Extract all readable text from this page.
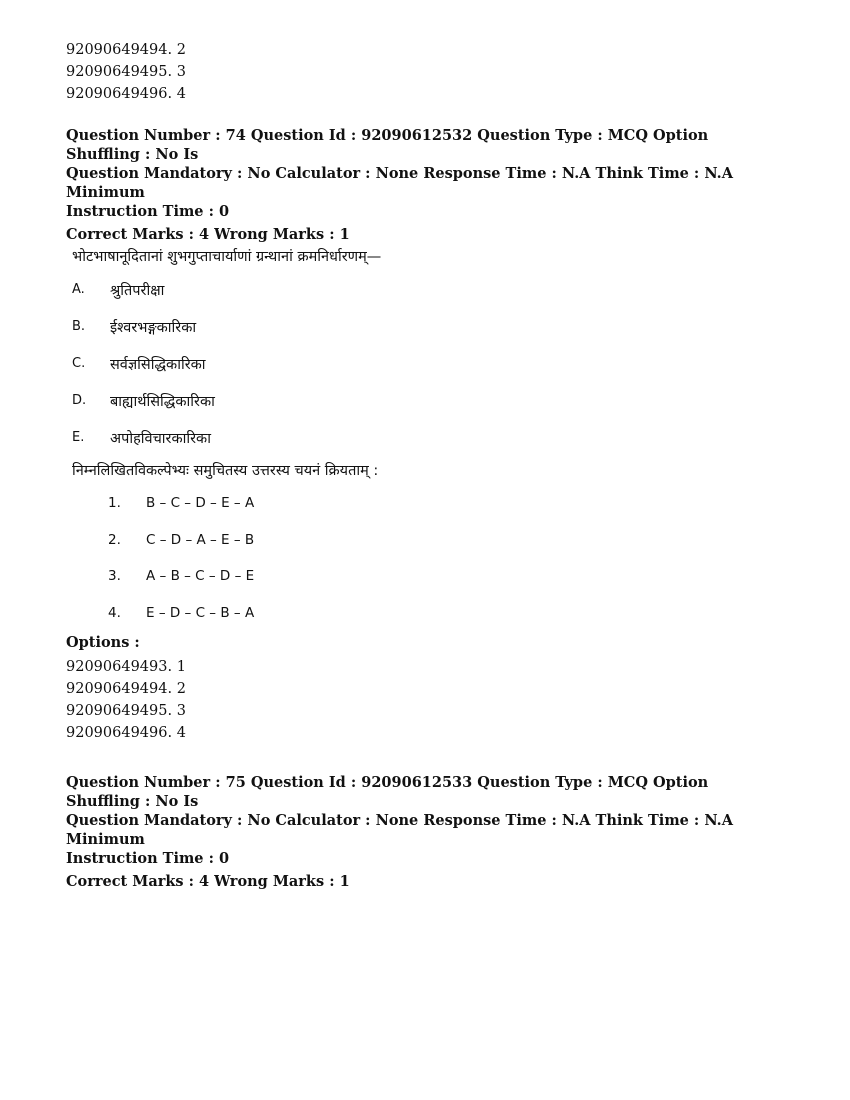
92090649494. 2
92090649495. 3
92090649496. 4
Question Number : 74 Question Id : 92090612532 Question Type : MCQ Option Shuffling : No Is
Question Mandatory : No Calculator : None Response Time : N.A Think Time : N.A Minimum
Instruction Time : 0
Correct Marks : 4 Wrong Marks : 1
भोटभाषानूदितानां शुभगुप्ताचार्याणां ग्रन्थानां क्रमनिर्धारणम्—
A.	श्रुतिपरीक्षा
B.	ईश्वरभङ्गकारिका
C.	सर्वज्ञसिद्धिकारिका
D.	बाह्यार्थसिद्धिकारिका
E.	अपोहविचारकारिका
निम्नलिखितविकल्पेभ्यः समुचितस्य उत्तरस्य चयनं क्रियताम् :
1.	B – C – D – E – A
2.	C – D – A – E – B
3.	A – B – C – D – E
4.	E – D – C – B – A
Options :
92090649493. 1
92090649494. 2
92090649495. 3
92090649496. 4
Question Number : 75 Question Id : 92090612533 Question Type : MCQ Option Shuffling : No Is
Question Mandatory : No Calculator : None Response Time : N.A Think Time : N.A Minimum
Instruction Time : 0
Correct Marks : 4 Wrong Marks : 1
